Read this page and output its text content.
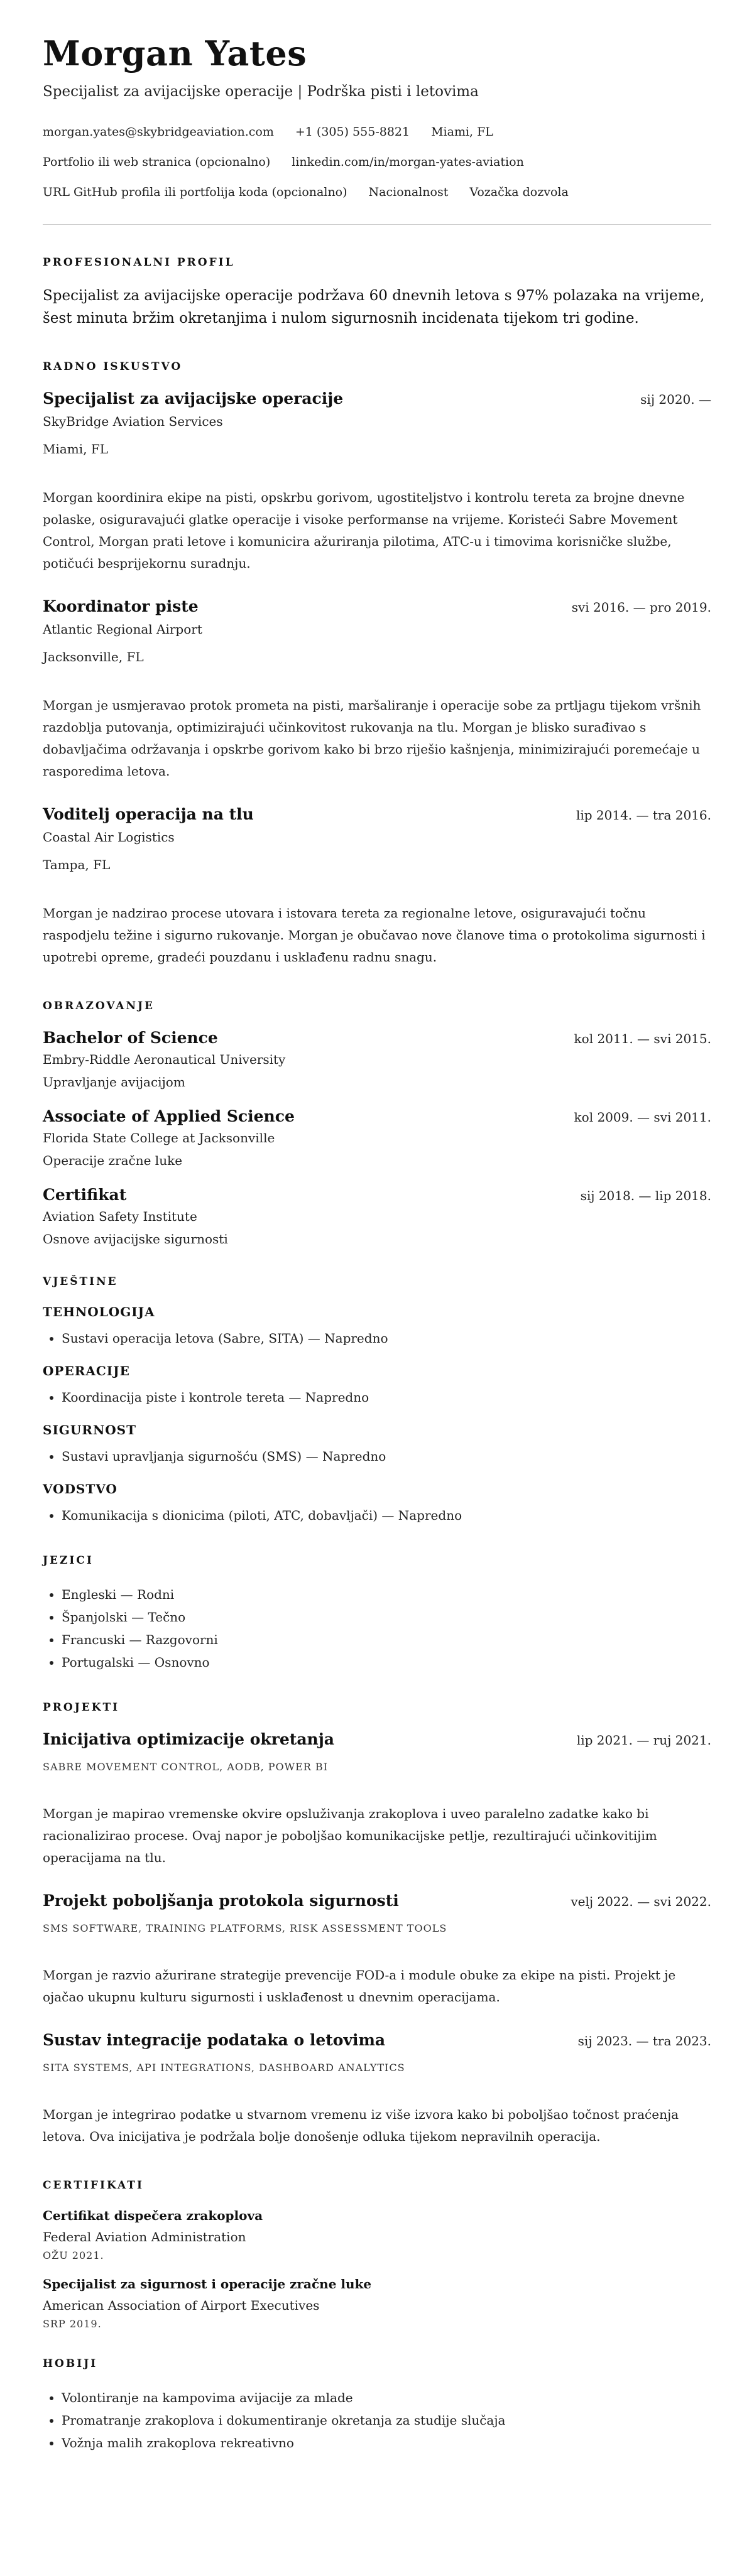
Morgan Yates
Specijalist za avijacijske operacije | Podrška pisti i letovima
morgan.yates@skybridgeaviation.com +1 (305) 555-8821 Miami, FL
Portfolio ili web stranica (opcionalno) linkedin.com/in/morgan-yates-aviation
URL GitHub profila ili portfolija koda (opcionalno) Nacionalnost Vozačka dozvola
PROFESIONALNI PROFIL
Specijalist za avijacijske operacije podržava 60 dnevnih letova s 97% polazaka na vrijeme, šest minuta bržim okretanjima i nulom sigurnosnih incidenata tijekom tri godine.
RADNO ISKUSTVO
Specijalist za avijacijske operacije	sij 2020. —
SkyBridge Aviation Services
Miami, FL
Morgan koordinira ekipe na pisti, opskrbu gorivom, ugostiteljstvo i kontrolu tereta za brojne dnevne polaske, osiguravajući glatke operacije i visoke performanse na vrijeme. Koristeći Sabre Movement Control, Morgan prati letove i komunicira ažuriranja pilotima, ATC-u i timovima korisničke službe, potičući besprijekornu suradnju.
Koordinator piste	svi 2016. — pro 2019.
Atlantic Regional Airport
Jacksonville, FL
Morgan je usmjeravao protok prometa na pisti, maršaliranje i operacije sobe za prtljagu tijekom vršnih razdoblja putovanja, optimizirajući učinkovitost rukovanja na tlu. Morgan je blisko surađivao s dobavljačima održavanja i opskrbe gorivom kako bi brzo riješio kašnjenja, minimizirajući poremećaje u rasporedima letova.
Voditelj operacija na tlu	lip 2014. — tra 2016.
Coastal Air Logistics
Tampa, FL
Morgan je nadzirao procese utovara i istovara tereta za regionalne letove, osiguravajući točnu raspodjelu težine i sigurno rukovanje. Morgan je obučavao nove članove tima o protokolima sigurnosti i upotrebi opreme, gradeći pouzdanu i usklađenu radnu snagu.
OBRAZOVANJE
Bachelor of Science	kol 2011. — svi 2015.
Embry-Riddle Aeronautical University
Upravljanje avijacijom
Associate of Applied Science	kol 2009. — svi 2011.
Florida State College at Jacksonville
Operacije zračne luke
Certifikat	sij 2018. — lip 2018.
Aviation Safety Institute
Osnove avijacijske sigurnosti
VJEŠTINE
TEHNOLOGIJA
• Sustavi operacija letova (Sabre, SITA) — Napredno
OPERACIJE
• Koordinacija piste i kontrole tereta — Napredno
SIGURNOST
• Sustavi upravljanja sigurnošću (SMS) — Napredno
VODSTVO
• Komunikacija s dionicima (piloti, ATC, dobavljači) — Napredno
JEZICI
• Engleski — Rodni
• Španjolski — Tečno
• Francuski — Razgovorni
• Portugalski — Osnovno
PROJEKTI
Inicijativa optimizacije okretanja	lip 2021. — ruj 2021.
SABRE MOVEMENT CONTROL, AODB, POWER BI
Morgan je mapirao vremenske okvire opsluživanja zrakoplova i uveo paralelno zadatke kako bi racionalizirao procese. Ovaj napor je poboljšao komunikacijske petlje, rezultirajući učinkovitijim operacijama na tlu.
Projekt poboljšanja protokola sigurnosti	velj 2022. — svi 2022.
SMS SOFTWARE, TRAINING PLATFORMS, RISK ASSESSMENT TOOLS
Morgan je razvio ažurirane strategije prevencije FOD-a i module obuke za ekipe na pisti. Projekt je ojačao ukupnu kulturu sigurnosti i usklađenost u dnevnim operacijama.
Sustav integracije podataka o letovima	sij 2023. — tra 2023.
SITA SYSTEMS, API INTEGRATIONS, DASHBOARD ANALYTICS
Morgan je integrirao podatke u stvarnom vremenu iz više izvora kako bi poboljšao točnost praćenja letova. Ova inicijativa je podržala bolje donošenje odluka tijekom nepravilnih operacija.
CERTIFIKATI
Certifikat dispečera zrakoplova
Federal Aviation Administration
OŽU 2021.
Specijalist za sigurnost i operacije zračne luke
American Association of Airport Executives
SRP 2019.
HOBIJI
• Volontiranje na kampovima avijacije za mlade
• Promatranje zrakoplova i dokumentiranje okretanja za studije slučaja
• Vožnja malih zrakoplova rekreativno
